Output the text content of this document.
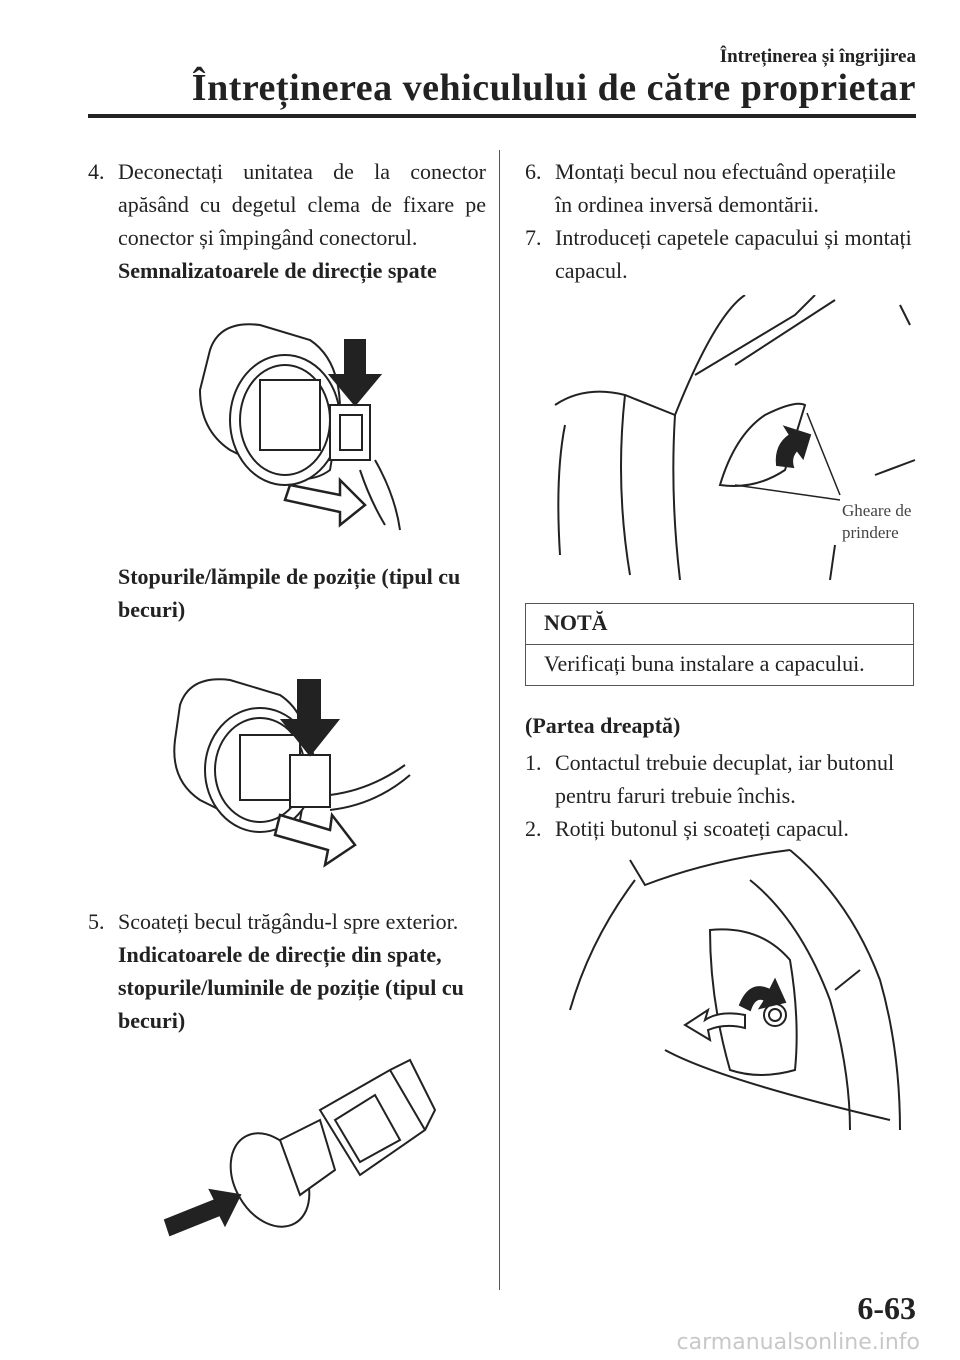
Întreținerea și îngrijirea
Întreținerea vehiculului de către proprietar
4. Deconectați unitatea de la conector apăsând cu degetul clema de fixare pe conector și împingând conectorul.
Semnalizatoarele de direcție spate
Stopurile/lămpile de poziție (tipul cu becuri)
5. Scoateți becul trăgându-l spre exterior.
Indicatoarele de direcție din spate, stopurile/luminile de poziție (tipul cu becuri)
6. Montați becul nou efectuând operațiile în ordinea inversă demontării.
7. Introduceți capetele capacului și montați capacul.
Gheare de prindere
NOTĂ
Verificați buna instalare a capacului.
(Partea dreaptă)
1. Contactul trebuie decuplat, iar butonul pentru faruri trebuie închis.
2. Rotiți butonul și scoateți capacul.
6-63
carmanualsonline.info
